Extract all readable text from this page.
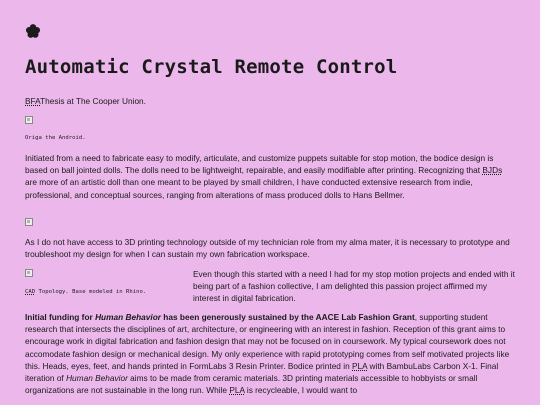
Automatic Crystal Remote Control

BFAThesis at The Cooper Union.

Origa the Android.

Initiated from a need to fabricate easy to modify, articulate, and customize puppets suitable for stop motion, the bodice design is based on ball jointed dolls. The dolls need to be lightweight, repairable, and easily modifiable after printing. Recognizing that BJDs are more of an artistic doll than one meant to be played by small children, I have conducted extensive research from indie, professional, and conceptual sources, ranging from alterations of mass produced dolls to Hans Bellmer.

As I do not have access to 3D printing technology outside of my technician role from my alma mater, it is necessary to prototype and troubleshoot my design for when I can sustain my own fabrication workspace.

CAD Topology. Base modeled in Rhino.

Even though this started with a need I had for my stop motion projects and ended with it being part of a fashion collective, I am delighted this passion project affirmed my interest in digital fabrication.

Initial funding for Human Behavior has been generously sustained by the AACE Lab Fashion Grant, supporting student research that intersects the disciplines of art, architecture, or engineering with an interest in fashion. Reception of this grant aims to encourage work in digital fabrication and fashion design that may not be focused on in coursework. My typical coursework does not accomodate fashion design or mechanical design. My only experience with rapid prototyping comes from self motivated projects like this. Heads, eyes, feet, and hands printed in FormLabs 3 Resin Printer. Bodice printed in PLA with BambuLabs Carbon X-1. Final iteration of Human Behavior aims to be made from ceramic materials. 3D printing materials accessible to hobbyists or small organizations are not sustainable in the long run. While PLA is recycleable, I would want to
